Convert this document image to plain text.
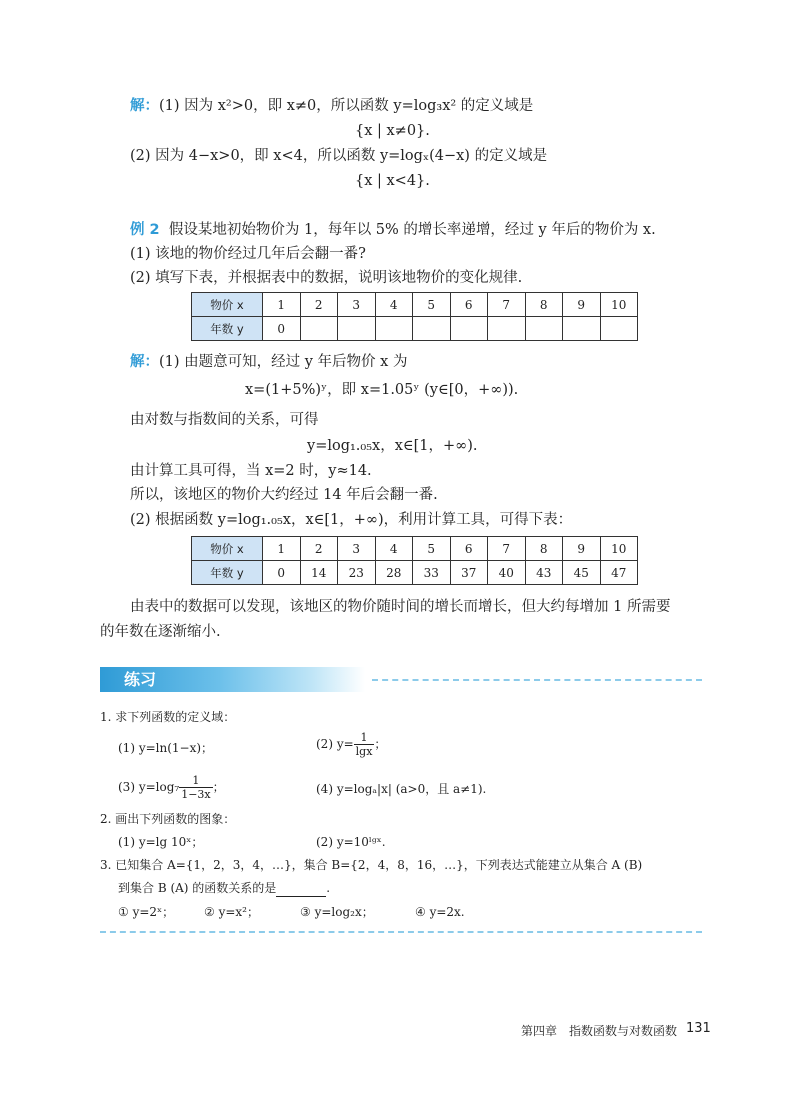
解：(1) 因为 x²>0，即 x≠0，所以函数 y=log₃x² 的定义域是
{x | x≠0}.
(2) 因为 4−x>0，即 x<4，所以函数 y=logₓ(4−x) 的定义域是
{x | x<4}.
例 2 假设某地初始物价为 1，每年以 5% 的增长率递增，经过 y 年后的物价为 x.
(1) 该地的物价经过几年后会翻一番?
(2) 填写下表，并根据表中的数据，说明该地物价的变化规律.
物价 x	1	2	3	4	5	6	7	8	9	10
年数 y	0									
解：(1) 由题意可知，经过 y 年后物价 x 为
x=(1+5%)ʸ，即 x=1.05ʸ (y∈[0，+∞)).
由对数与指数间的关系，可得
y=log₁.₀₅x，x∈[1，+∞).
由计算工具可得，当 x=2 时，y≈14.
所以，该地区的物价大约经过 14 年后会翻一番.
(2) 根据函数 y=log₁.₀₅x，x∈[1，+∞)，利用计算工具，可得下表：
物价 x	1	2	3	4	5	6	7	8	9	10
年数 y	0	14	23	28	33	37	40	43	45	47
由表中的数据可以发现，该地区的物价随时间的增长而增长，但大约每增加 1 所需要
的年数在逐渐缩小.
练习
1. 求下列函数的定义域：
(1) y=ln(1−x)；	(2) $y= \frac{1}{\lg x}$ ；
(3) $y=\log_7 \frac{1}{1-3x}$ ；	(4) y=logₐ|x| (a>0，且 a≠1).
2. 画出下列函数的图象：
(1) y=lg 10ˣ；	(2) y=10ˡᵍˣ.
3. 已知集合 A={1，2，3，4，…}，集合 B={2，4，8，16，…}，下列表达式能建立从集合 A (B)
到集合 B (A) 的函数关系的是	.
① y=2ˣ； ② y=x²；	③ y=log₂x；	④ y=2x.
第四章　指数函数与对数函数 131
